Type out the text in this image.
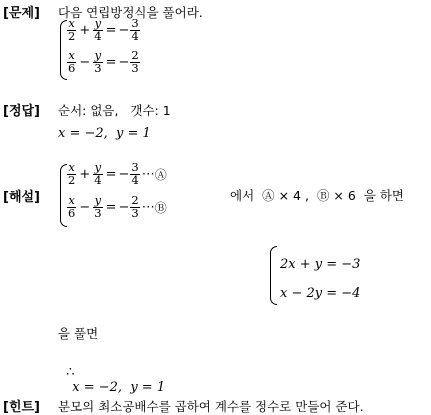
[문제] 다음 연립방정식을 풀어라.
$\frac{x}{2} + \frac{y}{4}$ = − $\frac{3}{4}$
$\frac{x}{6} - \frac{y}{3}$ = − $\frac{2}{3}$
[정답] 순서: 없음,   갯수: 1
x = −2,  y = 1
[해설]
$\frac{x}{2} + \frac{y}{4}$ = − $\frac{3}{4}$ ⋯ Ⓐ
$\frac{x}{6} - \frac{y}{3}$ = − $\frac{2}{3}$ ⋯ Ⓑ
에서 Ⓐ × 4 , Ⓑ × 6 을 하면
2x + y = −3
x − 2y = −4
을 풀면

∴
x = −2,  y = 1

[힌트] 분모의 최소공배수를 곱하여 계수를 정수로 만들어 준다.
